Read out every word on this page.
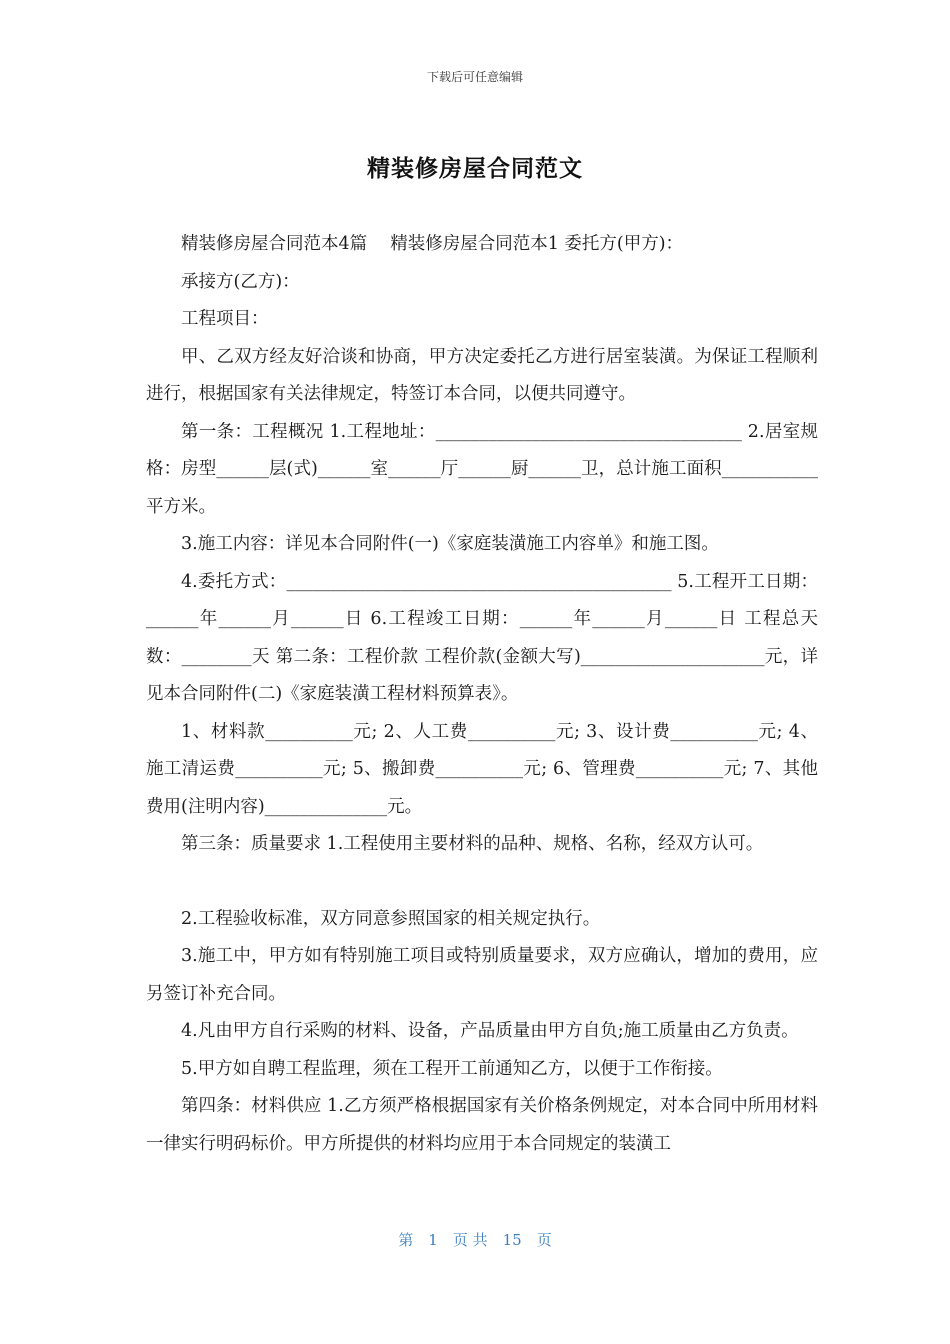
下载后可任意编辑
精装修房屋合同范文

精装修房屋合同范本4篇　 精装修房屋合同范本1 委托方(甲方)：

承接方(乙方)：

工程项目：

甲、乙双方经友好洽谈和协商，甲方决定委托乙方进行居室装潢。为保证工程顺利进行，根据国家有关法律规定，特签订本合同，以便共同遵守。

第一条：工程概况 1.工程地址：___________________________________ 2.居室规格：房型______层(式)______室______厅______厨______卫，总计施工面积___________平方米。

3.施工内容：详见本合同附件(一)《家庭装潢施工内容单》和施工图。

4.委托方式：____________________________________________ 5.工程开工日期：______年______月______日 6.工程竣工日期：______年______月______日 工程总天数：________天 第二条：工程价款 工程价款(金额大写)_____________________元，详见本合同附件(二)《家庭装潢工程材料预算表》。

1、材料款__________元; 2、人工费__________元; 3、设计费__________元; 4、施工清运费__________元; 5、搬卸费__________元; 6、管理费__________元; 7、其他费用(注明内容)______________元。

第三条：质量要求 1.工程使用主要材料的品种、规格、名称，经双方认可。

2.工程验收标准，双方同意参照国家的相关规定执行。

3.施工中，甲方如有特别施工项目或特别质量要求，双方应确认，增加的费用，应另签订补充合同。

4.凡由甲方自行采购的材料、设备，产品质量由甲方自负;施工质量由乙方负责。

5.甲方如自聘工程监理，须在工程开工前通知乙方，以便于工作衔接。

第四条：材料供应 1.乙方须严格根据国家有关价格条例规定，对本合同中所用材料一律实行明码标价。甲方所提供的材料均应用于本合同规定的装潢工

第　1　页 共　15　页
